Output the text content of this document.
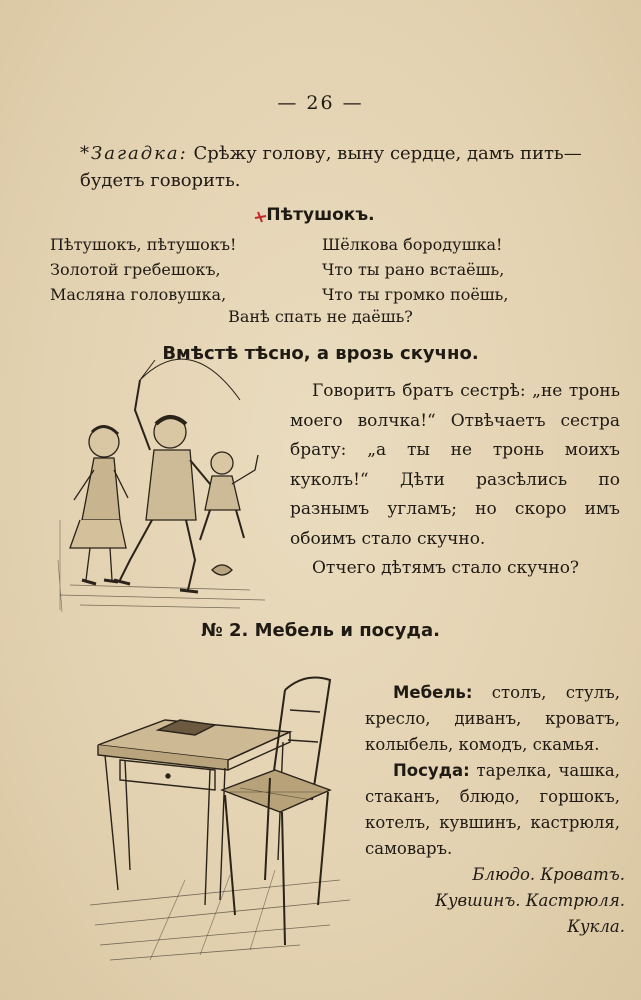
— 26 —
*Загадка: Срѣжу голову, выну сердце, дамъ пить—будетъ говорить.
Пѣтушокъ.
Пѣтушокъ, пѣтушокъ!
Золотой гребешокъ,
Масляна головушка,
Шёлкова бородушка!
Что ты рано встаёшь,
Что ты громко поёшь,
Ванѣ спать не даёшь?
Вмѣстѣ тѣсно, а врозь скучно.

Говоритъ братъ сестрѣ: „не тронь моего волчка!“ Отвѣчаетъ сестра брату: „а ты не тронь моихъ куколъ!“ Дѣти разсѣлись по разнымъ угламъ; но скоро имъ обоимъ стало скучно.

Отчего дѣтямъ стало скучно?

№ 2. Мебель и посуда.

Мебель: столъ, стулъ, кресло, диванъ, кроватъ, колыбель, комодъ, скамья.

Посуда: тарелка, чашка, стаканъ, блюдо, горшокъ, котелъ, кувшинъ, кастрюля, самоваръ.

Блюдо. Кроватъ. Кувшинъ. Кастрюля. Кукла.
